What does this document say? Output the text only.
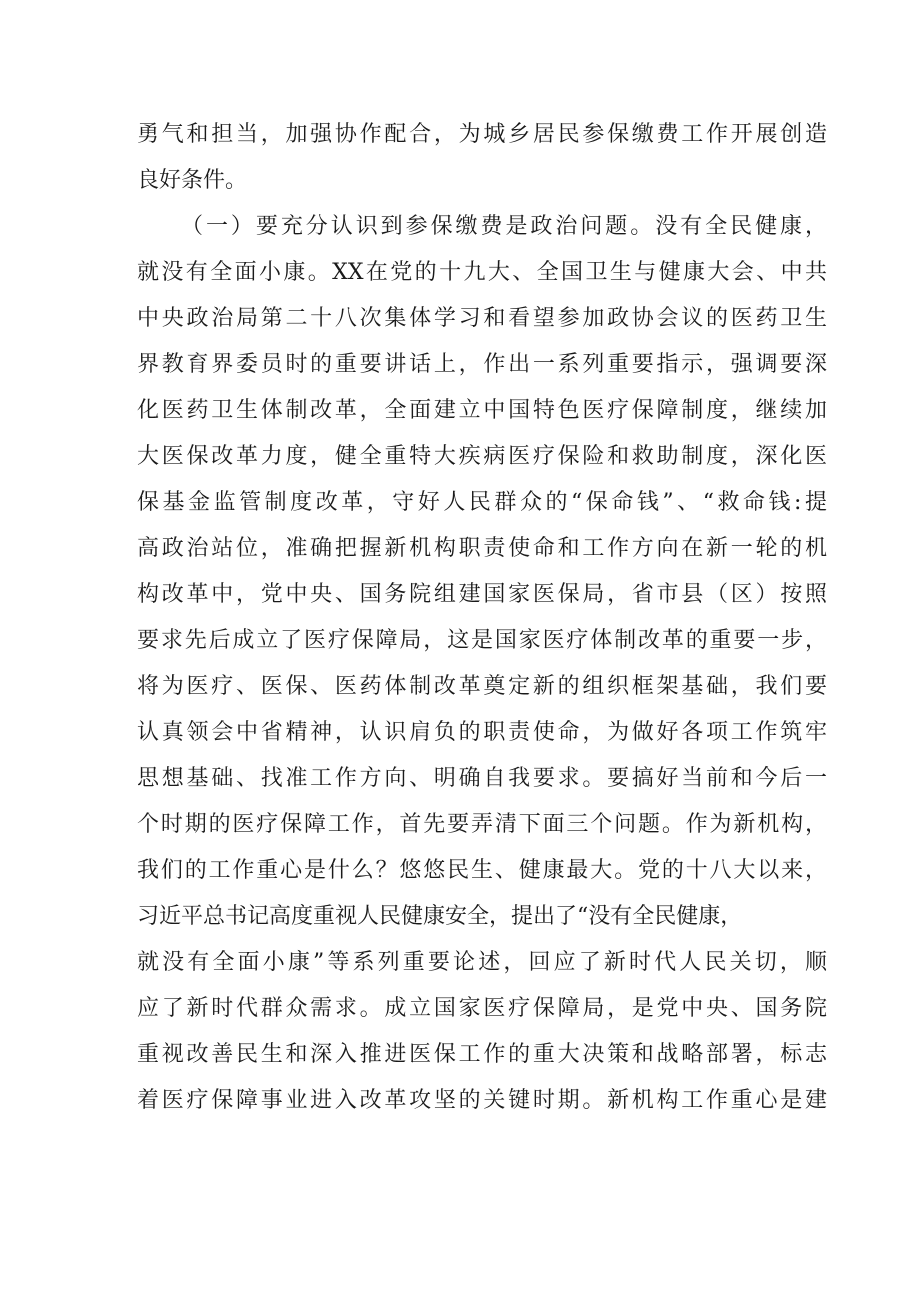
勇气和担当，加强协作配合，为城乡居民参保缴费工作开展创造
良好条件。
（一）要充分认识到参保缴费是政治问题。没有全民健康，
就没有全面小康。XX在党的十九大、全国卫生与健康大会、中共
中央政治局第二十八次集体学习和看望参加政协会议的医药卫生
界教育界委员时的重要讲话上，作出一系列重要指示，强调要深
化医药卫生体制改革，全面建立中国特色医疗保障制度，继续加
大医保改革力度，健全重特大疾病医疗保险和救助制度，深化医
保基金监管制度改革，守好人民群众的“保命钱”、“救命钱:提
高政治站位，准确把握新机构职责使命和工作方向在新一轮的机
构改革中，党中央、国务院组建国家医保局，省市县（区）按照
要求先后成立了医疗保障局，这是国家医疗体制改革的重要一步，
将为医疗、医保、医药体制改革奠定新的组织框架基础，我们要
认真领会中省精神，认识肩负的职责使命，为做好各项工作筑牢
思想基础、找准工作方向、明确自我要求。要搞好当前和今后一
个时期的医疗保障工作，首先要弄清下面三个问题。作为新机构，
我们的工作重心是什么？悠悠民生、健康最大。党的十八大以来，
习近平总书记高度重视人民健康安全，提出了“没有全民健康，
就没有全面小康”等系列重要论述，回应了新时代人民关切，顺
应了新时代群众需求。成立国家医疗保障局，是党中央、国务院
重视改善民生和深入推进医保工作的重大决策和战略部署，标志
着医疗保障事业进入改革攻坚的关键时期。新机构工作重心是建
